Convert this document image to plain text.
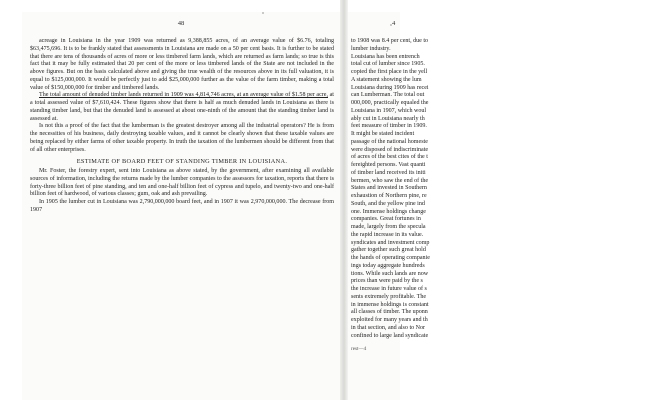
48

acreage in Louisiana in the year 1909 was returned as 9,388,855 acres, of an average value of $6.76, totaling $63,475,696. It is to be frankly stated that assessments in Louisiana are made on a 50 per cent basis. It is further to be stated that there are tens of thousands of acres of more or less timbered farm lands, which are returned as farm lands; so true is this fact that it may be fully estimated that 20 per cent of the more or less timbered lands of the State are not included in the above figures. But on the basis calculated above and giving the true wealth of the resources above in its full valuation, it is equal to $125,000,000. It would be perfectly just to add $25,000,000 further as the value of the farm timber, making a total value of $150,000,000 for timber and timbered lands.

The total amount of denuded timber lands returned in 1909 was 4,814,746 acres, at an average value of $1.58 per acre, at a total assessed value of $7,610,424. These figures show that there is half as much denuded lands in Louisiana as there is standing timber land, but that the denuded land is assessed at about one-ninth of the amount that the standing timber land is assessed at.

Is not this a proof of the fact that the lumberman is the greatest destroyer among all the industrial operators? He is from the necessities of his business, daily destroying taxable values, and it cannot be clearly shown that these taxable values are being replaced by either farms of other taxable property. In truth the taxation of the lumbermen should be different from that of all other enterprises.

ESTIMATE OF BOARD FEET OF STANDING TIMBER IN LOUISIANA.

Mr. Foster, the forestry expert, sent into Louisiana as above stated, by the government, after examining all available sources of information, including the returns made by the lumber companies to the assessors for taxation, reports that there is forty-three billion feet of pine standing, and ten and one-half billion feet of cypress and tupelo, and twenty-two and one-half billion feet of hardwood, of various classes; gum, oak and ash prevailing.

In 1905 the lumber cut in Louisiana was 2,790,000,000 board feet, and in 1907 it was 2,970,000,000. The decrease from 1907

4
to 1908 was 8.4 per cent, due to
lumber industry.
Louisiana has been entrench
total cut of lumber since 1905.
copied the first place in the yell
A statement showing the lum
Louisiana during 1909 has recei
can Lumberman. The total out
000,000, practically equaled the
Louisiana in 1907, which woul
ably cut in Louisiana nearly th
feet measure of timber in 1909.
It might be stated incident
passage of the national homeste
were disposed of indiscriminate
of acres of the best cites of the t
fereighted persons. Vast quanti
of timber land received its initi
bermen, who saw the end of the
States and invested in Southern
exhaustion of Northern pine, re
South, and the yellow pine ind
one. Immense holdings change
companies. Great fortunes in
made, largely from the specula
the rapid increase in its value.
syndicates and investment comp
gather together such great hold
the hands of operating companie
ings today aggregate hundreds
tions. While such lands are now
prices than were paid by the s
the increase in future value of s
sents extremely profitable. The
in immense holdings is constant
all classes of timber. The uponn
exploited for many years and th
in that section, and also to Nor
confined to large land syndicate
rest—4
